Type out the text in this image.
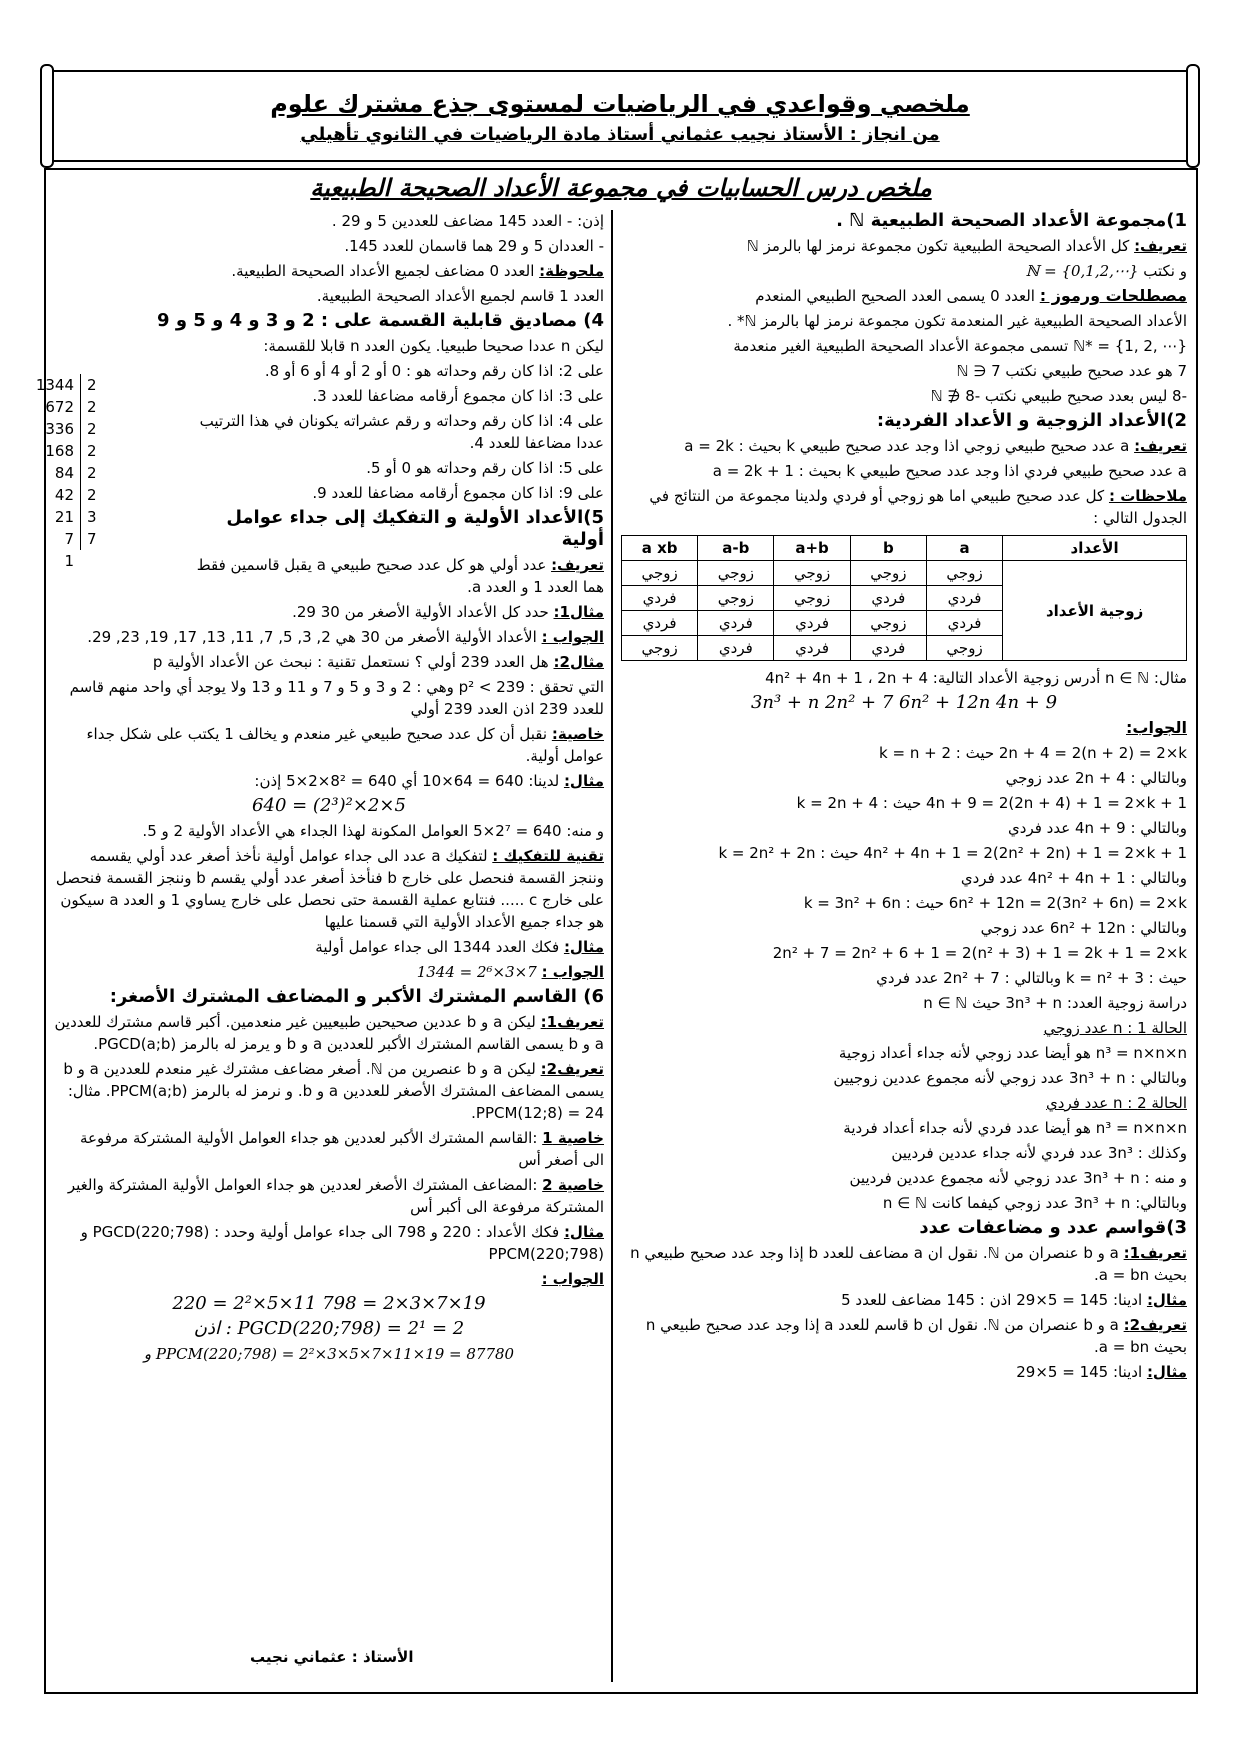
ملخصي وقواعدي في الرياضيات لمستوى جذع مشترك علوم
من انجاز : الأستاذ نجيب عثماني أستاذ مادة الرياضيات في الثانوي تأهيلي
ملخص درس الحسابيات في مجموعة الأعداد الصحيحة الطبيعية

1)مجموعة الأعداد الصحيحة الطبيعية ℕ .

تعريف: كل الأعداد الصحيحة الطبيعية تكون مجموعة نرمز لها بالرمز ℕ

و نكتب ℕ = {0,1,2,⋯}

مصطلحات ورموز : العدد 0 يسمى العدد الصحيح الطبيعي المنعدم

الأعداد الصحيحة الطبيعية غير المنعدمة تكون مجموعة نرمز لها بالرمز ℕ* .

ℕ* = {1, 2, ⋯} تسمى مجموعة الأعداد الصحيحة الطبيعية الغير منعدمة

7 هو عدد صحيح طبيعي نكتب 7 ∈ ℕ

-8 ليس بعدد صحيح طبيعي نكتب -8 ∉ ℕ

2)الأعداد الزوجية و الأعداد الفردية:

تعريف: a عدد صحيح طبيعي زوجي اذا وجد عدد صحيح طبيعي k بحيث : a = 2k

a عدد صحيح طبيعي فردي اذا وجد عدد صحيح طبيعي k بحيث : a = 2k + 1

ملاحظات : كل عدد صحيح طبيعي اما هو زوجي أو فردي ولدينا مجموعة من النتائج في الجدول التالي :

a xb	a-b	a+b	b	a	الأعداد
زوجي	زوجي	زوجي	زوجي	زوجي	زوجية الأعداد
فردي	زوجي	زوجي	فردي	فردي	
فردي	فردي	فردي	زوجي	فردي	
زوجي	فردي	فردي	فردي	زوجي	

مثال: n ∈ ℕ أدرس زوجية الأعداد التالية: 4n² + 4n + 1 ، 2n + 4

3n³ + n 2n² + 7 6n² + 12n 4n + 9

الجواب:

2n + 4 = 2(n + 2) = 2×k حيث : k = n + 2

وبالتالي : 2n + 4 عدد زوجي

4n + 9 = 2(2n + 4) + 1 = 2×k + 1 حيث : k = 2n + 4

وبالتالي : 4n + 9 عدد فردي

4n² + 4n + 1 = 2(2n² + 2n) + 1 = 2×k + 1 حيث : k = 2n² + 2n

وبالتالي : 4n² + 4n + 1 عدد فردي

6n² + 12n = 2(3n² + 6n) = 2×k حيث : k = 3n² + 6n

وبالتالي : 6n² + 12n عدد زوجي

2n² + 7 = 2n² + 6 + 1 = 2(n² + 3) + 1 = 2k + 1 = 2×k

حيث : k = n² + 3 وبالتالي : 2n² + 7 عدد فردي

دراسة زوجية العدد: 3n³ + n حيث n ∈ ℕ

الحالة 1 : n عدد زوجي

n³ = n×n×n هو أيضا عدد زوجي لأنه جداء أعداد زوجية

وبالتالي : 3n³ + n عدد زوجي لأنه مجموع عددين زوجيين

الحالة 2 : n عدد فردي

n³ = n×n×n هو أيضا عدد فردي لأنه جداء أعداد فردية

وكذلك : 3n³ عدد فردي لأنه جداء عددين فرديين

و منه : 3n³ + n عدد زوجي لأنه مجموع عددين فرديين

وبالتالي: 3n³ + n عدد زوجي كيفما كانت n ∈ ℕ

3)قواسم عدد و مضاعفات عدد

تعريف1: a و b عنصران من ℕ. نقول ان a مضاعف للعدد b إذا وجد عدد صحيح طبيعي n بحيث a = bn.

مثال: ادينا: 145 = 5×29 اذن : 145 مضاعف للعدد 5

تعريف2: a و b عنصران من ℕ. نقول ان b قاسم للعدد a إذا وجد عدد صحيح طبيعي n بحيث a = bn.

مثال: ادينا: 145 = 5×29

إذن: - العدد 145 مضاعف للعددين 5 و 29 .

- العددان 5 و 29 هما قاسمان للعدد 145.

ملحوظة: العدد 0 مضاعف لجميع الأعداد الصحيحة الطبيعية.

العدد 1 قاسم لجميع الأعداد الصحيحة الطبيعية.

4) مصاديق قابلية القسمة على : 2 و 3 و 4 و 5 و 9

ليكن n عددا صحيحا طبيعيا. يكون العدد n قابلا للقسمة:

على 2: اذا كان رقم وحداته هو : 0 أو 2 أو 4 أو 6 أو 8.

على 3: اذا كان مجموع أرقامه مضاعفا للعدد 3.

على 4: اذا كان رقم وحداته و رقم عشراته يكونان في هذا الترتيب عددا مضاعفا للعدد 4.

على 5: اذا كان رقم وحداته هو 0 أو 5.

على 9: اذا كان مجموع أرقامه مضاعفا للعدد 9.

5)الأعداد الأولية و التفكيك إلى جداء عوامل أولية

تعريف: عدد أولي هو كل عدد صحيح طبيعي a يقبل قاسمين فقط هما العدد 1 و العدد a.

مثال1: حدد كل الأعداد الأولية الأصغر من 30 29.

الجواب : الأعداد الأولية الأصغر من 30 هي 2, 3, 5, 7, 11, 13, 17, 19, 23, 29.

مثال2: هل العدد 239 أولي ؟ نستعمل تقنية : نبحث عن الأعداد الأولية p

التي تحقق : p² < 239 وهي : 2 و 3 و 5 و 7 و 11 و 13 ولا يوجد أي واحد منهم قاسم للعدد 239 اذن العدد 239 أولي

خاصية: نقبل أن كل عدد صحيح طبيعي غير منعدم و يخالف 1 يكتب على شكل جداء عوامل أولية.

مثال: لدينا: 640 = 64×10 أي 640 = 8²×2×5 إذن:

640 = (2³)²×2×5

و منه: 640 = 2⁷×5 العوامل المكونة لهذا الجداء هي الأعداد الأولية 2 و 5.

تقنية للتفكيك : لتفكيك a عدد الى جداء عوامل أولية نأخذ أصغر عدد أولي يقسمه وننجز القسمة فنحصل على خارج b فنأخذ أصغر عدد أولي يقسم b وننجز القسمة فنحصل على خارج c ..... فنتابع عملية القسمة حتى نحصل على خارج يساوي 1 و العدد a سيكون هو جداء جميع الأعداد الأولية التي قسمنا عليها

مثال: فكك العدد 1344 الى جداء عوامل أولية

الجواب : 1344 = 2⁶×3×7

6) القاسم المشترك الأكبر و المضاعف المشترك الأصغر:

تعريف1: ليكن a و b عددين صحيحين طبيعيين غير منعدمين. أكبر قاسم مشترك للعددين a و b يسمى القاسم المشترك الأكبر للعددين a و b و يرمز له بالرمز PGCD(a;b).

تعريف2: ليكن a و b عنصرين من ℕ. أصغر مضاعف مشترك غير منعدم للعددين a و b يسمى المضاعف المشترك الأصغر للعددين a و b. و نرمز له بالرمز PPCM(a;b). مثال: PPCM(12;8) = 24.

خاصية 1 :القاسم المشترك الأكبر لعددين هو جداء العوامل الأولية المشتركة مرفوعة الى أصغر أس

خاصية 2 :المضاعف المشترك الأصغر لعددين هو جداء العوامل الأولية المشتركة والغير المشتركة مرفوعة الى أكبر أس

مثال: فكك الأعداد : 220 و 798 الى جداء عوامل أولية وحدد : PGCD(220;798) و PPCM(220;798)

الجواب :

220 = 2²×5×11 798 = 2×3×7×19

اذن : PGCD(220;798) = 2¹ = 2

و PPCM(220;798) = 2²×3×5×7×11×19 = 87780

1344 2
672 2
336 2
168 2
84 2
42 2
21 3
7 7
1
الأستاذ : عثماني نجيب
